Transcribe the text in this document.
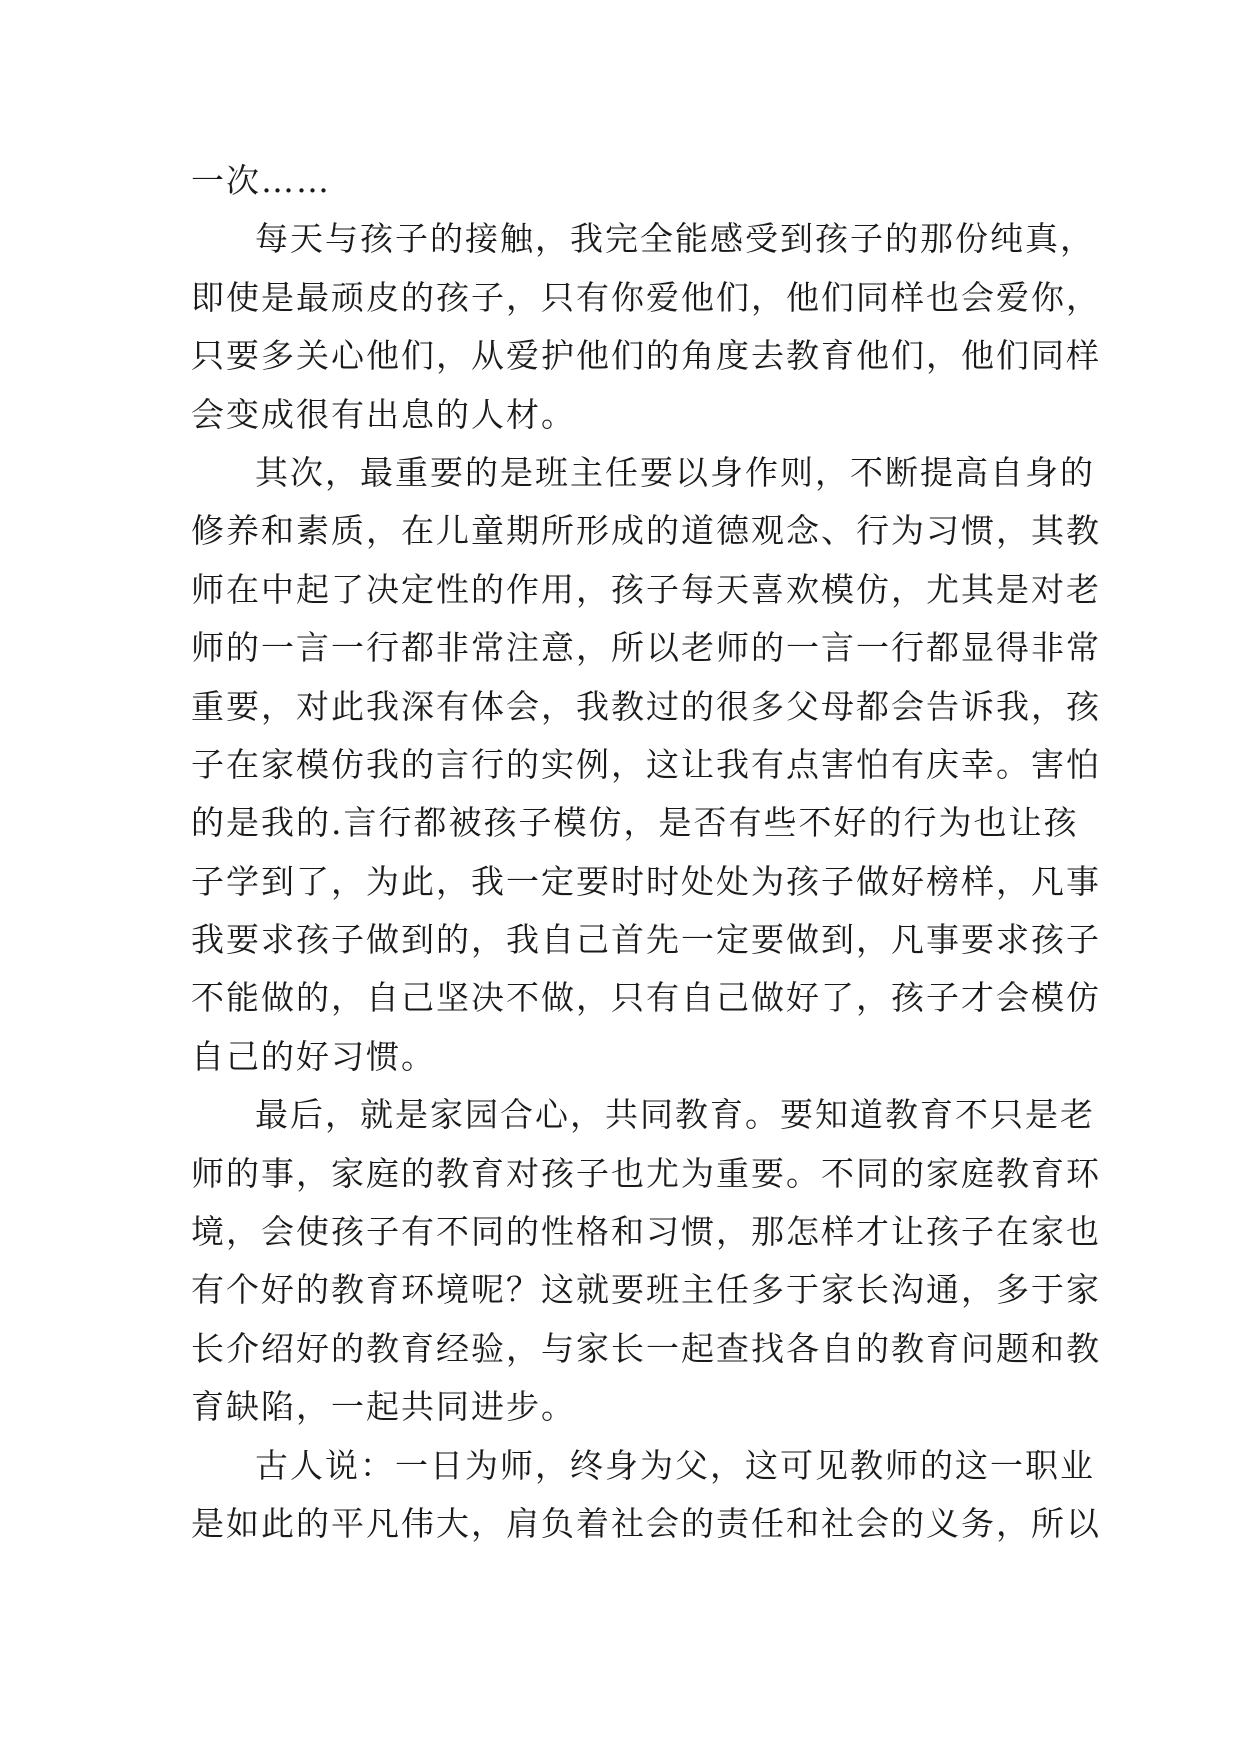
一次……

每天与孩子的接触，我完全能感受到孩子的那份纯真，

即使是最顽皮的孩子，只有你爱他们，他们同样也会爱你，

只要多关心他们，从爱护他们的角度去教育他们，他们同样

会变成很有出息的人材。

其次，最重要的是班主任要以身作则，不断提高自身的

修养和素质，在儿童期所形成的道德观念、行为习惯，其教

师在中起了决定性的作用，孩子每天喜欢模仿，尤其是对老

师的一言一行都非常注意，所以老师的一言一行都显得非常

重要，对此我深有体会，我教过的很多父母都会告诉我，孩

子在家模仿我的言行的实例，这让我有点害怕有庆幸。害怕

的是我的.言行都被孩子模仿，是否有些不好的行为也让孩

子学到了，为此，我一定要时时处处为孩子做好榜样，凡事

我要求孩子做到的，我自己首先一定要做到，凡事要求孩子

不能做的，自己坚决不做，只有自己做好了，孩子才会模仿

自己的好习惯。

最后，就是家园合心，共同教育。要知道教育不只是老

师的事，家庭的教育对孩子也尤为重要。不同的家庭教育环

境，会使孩子有不同的性格和习惯，那怎样才让孩子在家也

有个好的教育环境呢？这就要班主任多于家长沟通，多于家

长介绍好的教育经验，与家长一起查找各自的教育问题和教

育缺陷，一起共同进步。

古人说：一日为师，终身为父，这可见教师的这一职业

是如此的平凡伟大，肩负着社会的责任和社会的义务，所以
